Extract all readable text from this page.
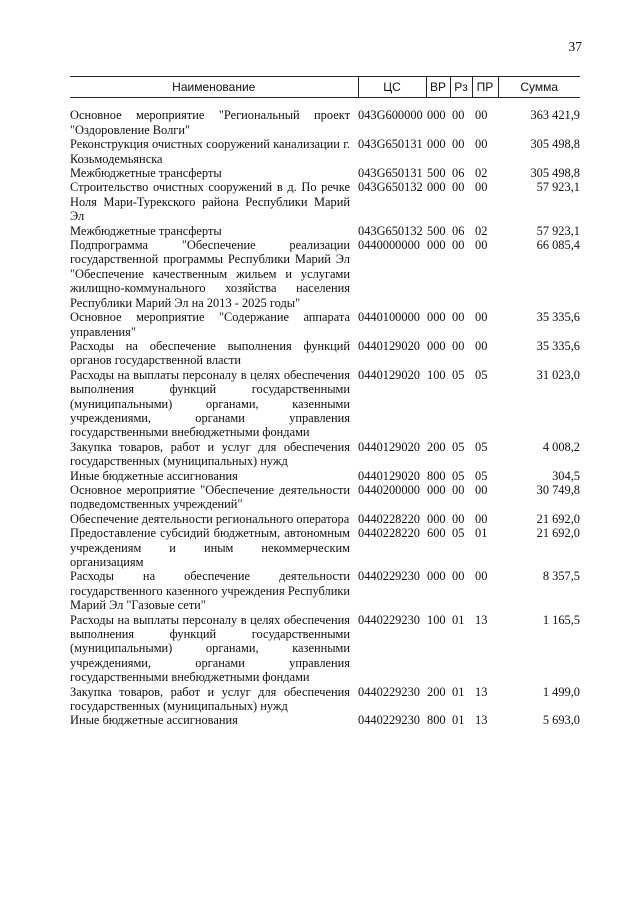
37
Наименование	ЦС	ВР	Рз	ПР	Сумма

Основное мероприятие "Региональный проект "Оздоровление Волги"	043G600000	000	00	00	363 421,9
Реконструкция очистных сооружений канализации г. Козьмодемьянска	043G650131	000	00	00	305 498,8
Межбюджетные трансферты	043G650131	500	06	02	305 498,8
Строительство очистных сооружений в д. По речке Ноля Мари-Турекского района Республики Марий Эл	043G650132	000	00	00	57 923,1
Межбюджетные трансферты	043G650132	500	06	02	57 923,1
Подпрограмма "Обеспечение реализации государственной программы Республики Марий Эл "Обеспечение качественным жильем и услугами жилищно-коммунального хозяйства населения Республики Марий Эл на 2013 - 2025 годы"	0440000000	000	00	00	66 085,4
Основное мероприятие "Содержание аппарата управления"	0440100000	000	00	00	35 335,6
Расходы на обеспечение выполнения функций органов государственной власти	0440129020	000	00	00	35 335,6
Расходы на выплаты персоналу в целях обеспечения выполнения функций государственными (муниципальными) органами, казенными учреждениями, органами управления государственными внебюджетными фондами	0440129020	100	05	05	31 023,0
Закупка товаров, работ и услуг для обеспечения государственных (муниципальных) нужд	0440129020	200	05	05	4 008,2
Иные бюджетные ассигнования	0440129020	800	05	05	304,5
Основное мероприятие "Обеспечение деятельности подведомственных учреждений"	0440200000	000	00	00	30 749,8
Обеспечение деятельности регионального оператора	0440228220	000	00	00	21 692,0
Предоставление субсидий бюджетным, автономным учреждениям и иным некоммерческим организациям	0440228220	600	05	01	21 692,0
Расходы на обеспечение деятельности государственного казенного учреждения Республики Марий Эл "Газовые сети"	0440229230	000	00	00	8 357,5
Расходы на выплаты персоналу в целях обеспечения выполнения функций государственными (муниципальными) органами, казенными учреждениями, органами управления государственными внебюджетными фондами	0440229230	100	01	13	1 165,5
Закупка товаров, работ и услуг для обеспечения государственных (муниципальных) нужд	0440229230	200	01	13	1 499,0
Иные бюджетные ассигнования	0440229230	800	01	13	5 693,0
